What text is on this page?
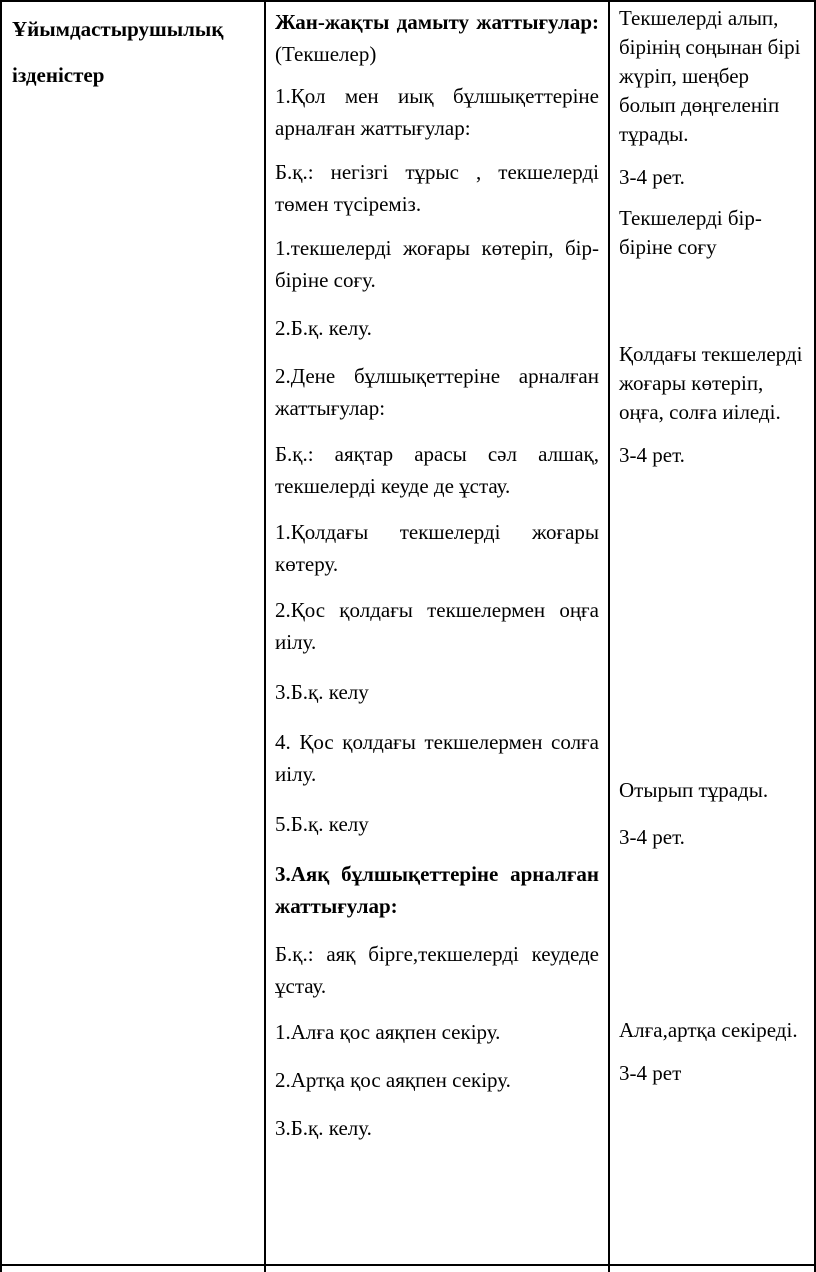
Ұйымдастырушылық

ізденістер

Жан-жақты дамыту жаттығулар: (Текшелер)

1.Қол мен иық бұлшықеттеріне арналған жаттығулар:

Б.қ.: негізгі тұрыс , текшелерді төмен түсіреміз.

1.текшелерді жоғары көтеріп, бір-біріне соғу.

2.Б.қ. келу.

2.Дене бұлшықеттеріне арналған жаттығулар:

Б.қ.: аяқтар арасы сәл алшақ, текшелерді кеуде де ұстау.

1.Қолдағы текшелерді жоғары көтеру.

2.Қос қолдағы текшелермен оңға иілу.

3.Б.қ. келу

4. Қос қолдағы текшелермен солға иілу.

5.Б.қ. келу

3.Аяқ бұлшықеттеріне арналған жаттығулар:

Б.қ.: аяқ бірге,текшелерді кеудеде ұстау.

1.Алға қос аяқпен секіру.

2.Артқа қос аяқпен секіру.

3.Б.қ. келу.

Текшелерді алып, бірінің соңынан бірі жүріп, шеңбер болып дөңгеленіп тұрады.

3-4 рет.

Текшелерді бір-біріне соғу

Қолдағы текшелерді жоғары көтеріп, оңға, солға иіледі.

3-4 рет.

Отырып тұрады.

3-4 рет.

Алға,артқа секіреді.

3-4 рет
